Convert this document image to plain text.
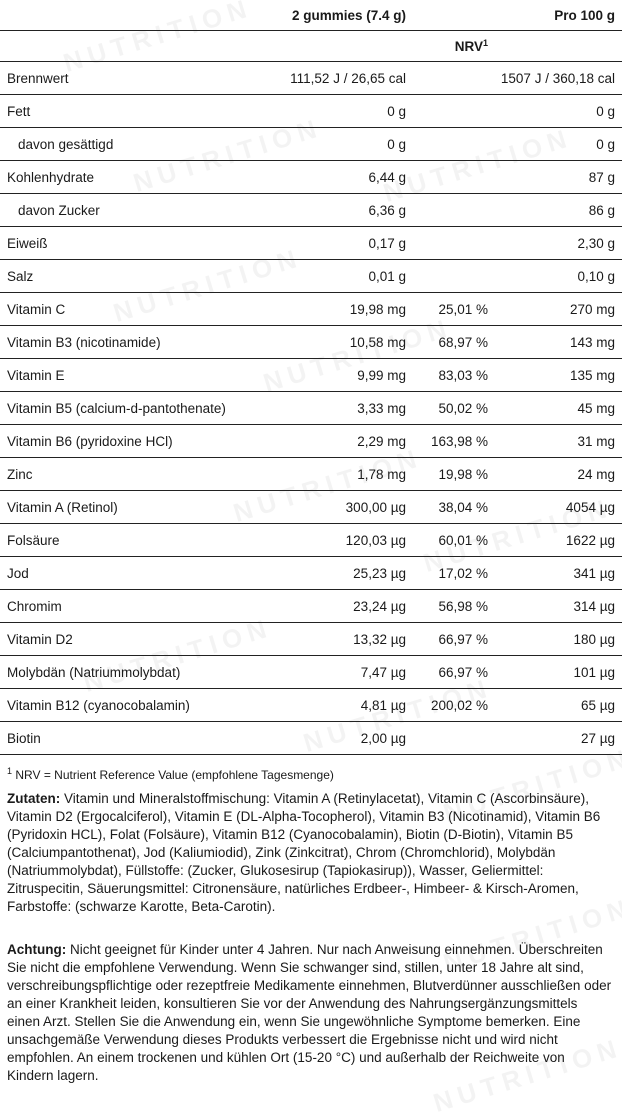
	2 gummies (7.4 g)		Pro 100 g
		NRV$^1$	
Brennwert	111,52 J / 26,65 cal		1507 J / 360,18 cal
Fett	0 g		0 g
davon gesättigd	0 g		0 g
Kohlenhydrate	6,44 g		87 g
davon Zucker	6,36 g		86 g
Eiweiß	0,17 g		2,30 g
Salz	0,01 g		0,10 g
Vitamin C	19,98 mg	25,01 %	270 mg
Vitamin B3 (nicotinamide)	10,58 mg	68,97 %	143 mg
Vitamin E	9,99 mg	83,03 %	135 mg
Vitamin B5 (calcium-d-pantothenate)	3,33 mg	50,02 %	45 mg
Vitamin B6 (pyridoxine HCl)	2,29 mg	163,98 %	31 mg
Zinc	1,78 mg	19,98 %	24 mg
Vitamin A (Retinol)	300,00 µg	38,04 %	4054 µg
Folsäure	120,03 µg	60,01 %	1622 µg
Jod	25,23 µg	17,02 %	341 µg
Chromim	23,24 µg	56,98 %	314 µg
Vitamin D2	13,32 µg	66,97 %	180 µg
Molybdän (Natriummolybdat)	7,47 µg	66,97 %	101 µg
Vitamin B12 (cyanocobalamin)	4,81 µg	200,02 %	65 µg
Biotin	2,00 µg		27 µg
$^1$ NRV = Nutrient Reference Value (empfohlene Tagesmenge)
Zutaten: Vitamin und Mineralstoffmischung: Vitamin A (Retinylacetat), Vitamin C (Ascorbinsäure), Vitamin D2 (Ergocalciferol), Vitamin E (DL-Alpha-Tocopherol), Vitamin B3 (Nicotinamid), Vitamin B6 (Pyridoxin HCL), Folat (Folsäure), Vitamin B12 (Cyanocobalamin), Biotin (D-Biotin), Vitamin B5 (Calciumpantothenat), Jod (Kaliumiodid), Zink (Zinkcitrat), Chrom (Chromchlorid), Molybdän (Natriummolybdat), Füllstoffe: (Zucker, Glukosesirup (Tapiokasirup)), Wasser, Geliermittel: Zitruspecitin, Säuerungsmittel: Citronensäure, natürliches Erdbeer-, Himbeer- & Kirsch-Aromen, Farbstoffe: (schwarze Karotte, Beta-Carotin).
Achtung: Nicht geeignet für Kinder unter 4 Jahren. Nur nach Anweisung einnehmen. Überschreiten Sie nicht die empfohlene Verwendung. Wenn Sie schwanger sind, stillen, unter 18 Jahre alt sind, verschreibungspflichtige oder rezeptfreie Medikamente einnehmen, Blutverdünner ausschließen oder an einer Krankheit leiden, konsultieren Sie vor der Anwendung des Nahrungsergänzungsmittels einen Arzt. Stellen Sie die Anwendung ein, wenn Sie ungewöhnliche Symptome bemerken. Eine unsachgemäße Verwendung dieses Produkts verbessert die Ergebnisse nicht und wird nicht empfohlen. An einem trockenen und kühlen Ort (15-20 °C) und außerhalb der Reichweite von Kindern lagern.
